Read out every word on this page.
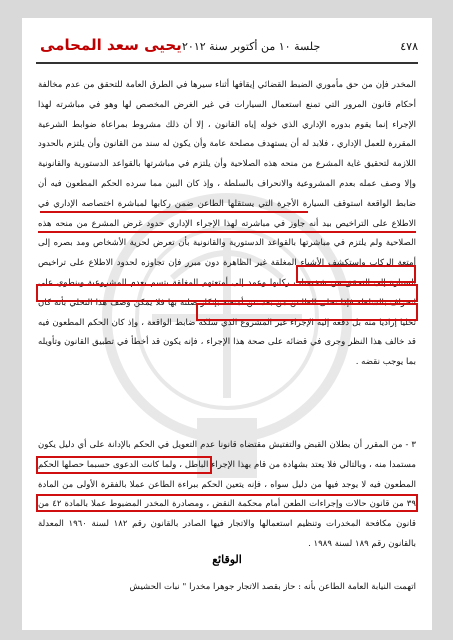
يحيى سعد المحامى جلسة ١٠ من أكتوبر سنة ٢٠١٢	٤٧٨
المخدر فإن من حق مأموري الضبط القضائي إيقافها أثناء سيرها في الطرق العامة للتحقق من عدم مخالفة أحكام قانون المرور التي تمنع استعمال السيارات في غير الغرض المخصص لها وهو في مباشرته لهذا الإجراء إنما يقوم بدوره الإداري الذي خوله إياه القانون ، إلا أن ذلك مشروط بمراعاة ضوابط الشرعية المقررة للعمل الإداري ، فلابد له أن يستهدف مصلحة عامة وأن يكون له سند من القانون وأن يلتزم بالحدود اللازمة لتحقيق غاية المشرع من منحه هذه الصلاحية وأن يلتزم في مباشرتها بالقواعد الدستورية والقانونية وإلا وصف عمله بعدم المشروعية والانحراف بالسلطة ، وإذ كان البين مما سرده الحكم المطعون فيه أن ضابط الواقعة استوقف السيارة الأجرة التي يستقلها الطاعن ضمن ركابها لمباشرة اختصاصه الإداري في الاطلاع على التراخيص بيد أنه جاوز في مباشرته لهذا الإجراء الإداري حدود غرض المشرع من منحه هذه الصلاحية ولم يلتزم في مباشرتها بالقواعد الدستورية والقانونية بأن تعرض لحرية الأشخاص ومد بصره إلى أمتعة الركاب واستكشف الأشياء المغلقة غير الظاهرة دون مبرر فإن تجاوزه لحدود الاطلاع على تراخيص السيارة إلى التحقق من شخصيات ركابها وعمد إلى أمتعتهم المغلقة يتسم بعدم المشروعية وينطوي على انحراف بالسلطة فإذا تخلى الطاعن من بعد عن أمتعته بإنكار صلته بها فلا يمكن وصف هذا التخلي بأنه كان تخليا إراديا منه بل دفعه إليه الإجراء غير المشروع الذي سلكه ضابط الواقعة ، وإذ كان الحكم المطعون فيه قد خالف هذا النظر وجرى في قضائه على صحة هذا الإجراء ، فإنه يكون قد أخطأ في تطبيق القانون وتأويله بما يوجب نقضه .
٣ - من المقرر أن بطلان القبض والتفتيش مقتضاه قانونا عدم التعويل في الحكم بالإدانة على أي دليل يكون مستمدا منه ، وبالتالي فلا يعتد بشهادة من قام بهذا الإجراء الباطل ، ولما كانت الدعوى حسبما حصلها الحكم المطعون فيه لا يوجد فيها من دليل سواه ، فإنه يتعين الحكم ببراءة الطاعن عملا بالفقرة الأولى من المادة ٣٩ من قانون حالات وإجراءات الطعن أمام محكمة النقض ، ومصادرة المخدر المضبوط عملا بالمادة ٤٢ من قانون مكافحة المخدرات وتنظيم استعمالها والاتجار فيها الصادر بالقانون رقم ١٨٢ لسنة ١٩٦٠ المعدلة بالقانون رقم ١٨٩ لسنة ١٩٨٩ .
الوقائع
اتهمت النيابة العامة الطاعن بأنه : حاز بقصد الاتجار جوهرا مخدرا " نبات الحشيش
